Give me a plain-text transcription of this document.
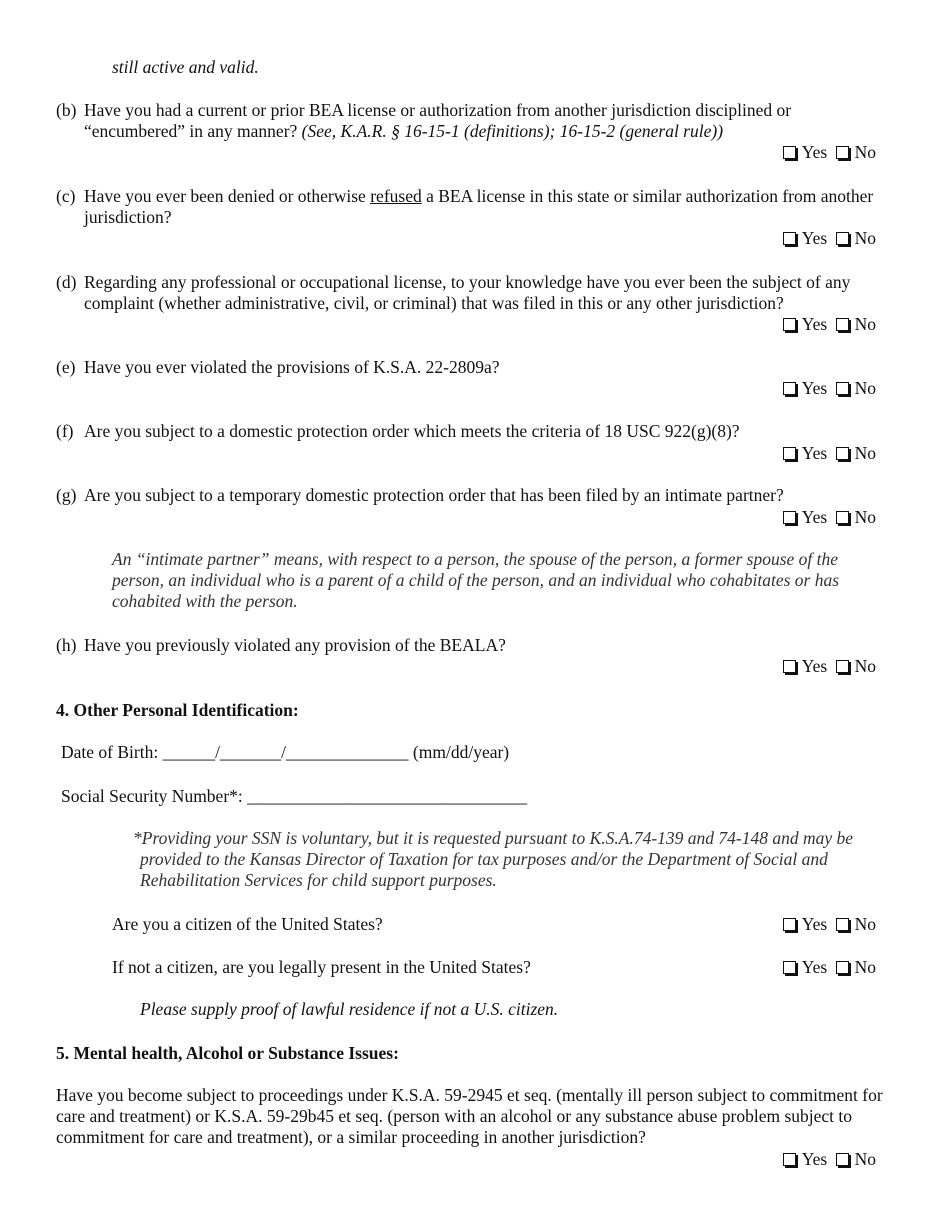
still active and valid.
(b) Have you had a current or prior BEA license or authorization from another jurisdiction disciplined or “encumbered” in any manner? (See, K.A.R. § 16-15-1 (definitions); 16-15-2 (general rule))
Yes No
(c) Have you ever been denied or otherwise refused a BEA license in this state or similar authorization from another jurisdiction?
Yes No
(d) Regarding any professional or occupational license, to your knowledge have you ever been the subject of any complaint (whether administrative, civil, or criminal) that was filed in this or any other jurisdiction?
Yes No
(e) Have you ever violated the provisions of K.S.A. 22-2809a?
Yes No
(f) Are you subject to a domestic protection order which meets the criteria of 18 USC 922(g)(8)?
Yes No
(g) Are you subject to a temporary domestic protection order that has been filed by an intimate partner?
Yes No
An “intimate partner” means, with respect to a person, the spouse of the person, a former spouse of the person, an individual who is a parent of a child of the person, and an individual who cohabitates or has cohabited with the person.
(h) Have you previously violated any provision of the BEALA?
Yes No
4. Other Personal Identification:
Date of Birth: ______/_______/______________ (mm/dd/year)
Social Security Number*: ________________________________
*Providing your SSN is voluntary, but it is requested pursuant to K.S.A.74-139 and 74-148 and may be provided to the Kansas Director of Taxation for tax purposes and/or the Department of Social and Rehabilitation Services for child support purposes.
Are you a citizen of the United States?	Yes No
If not a citizen, are you legally present in the United States?	Yes No
Please supply proof of lawful residence if not a U.S. citizen.
5. Mental health, Alcohol or Substance Issues:
Have you become subject to proceedings under K.S.A. 59-2945 et seq. (mentally ill person subject to commitment for care and treatment) or K.S.A. 59-29b45 et seq. (person with an alcohol or any substance abuse problem subject to commitment for care and treatment), or a similar proceeding in another jurisdiction?
Yes No
